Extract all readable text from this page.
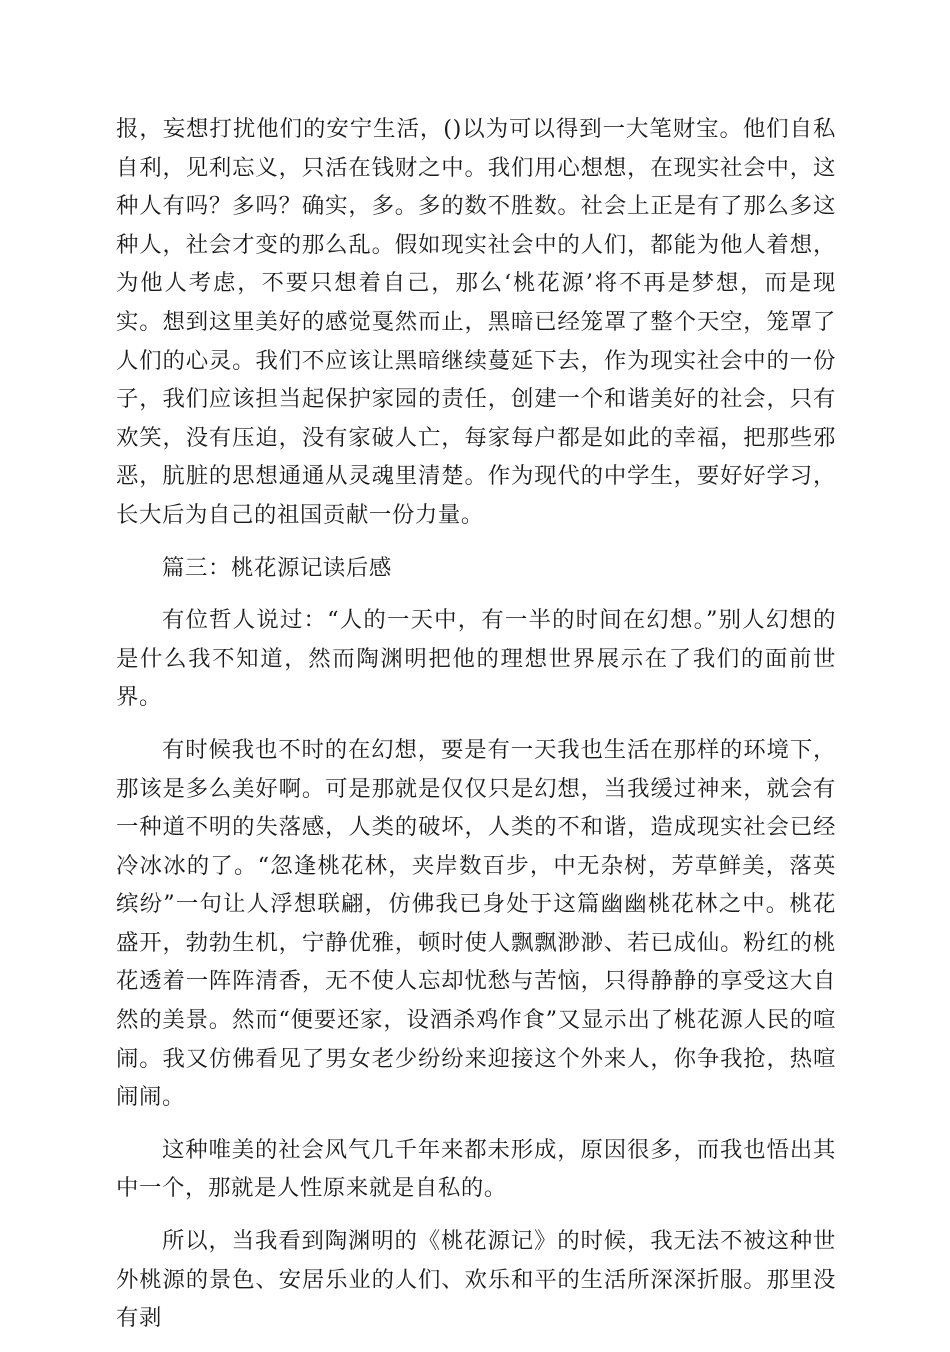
报，妄想打扰他们的安宁生活，()以为可以得到一大笔财宝。他们自私自利，见利忘义，只活在钱财之中。我们用心想想，在现实社会中，这种人有吗？多吗？确实，多。多的数不胜数。社会上正是有了那么多这种人，社会才变的那么乱。假如现实社会中的人们，都能为他人着想，为他人考虑，不要只想着自己，那么‘桃花源’将不再是梦想，而是现实。想到这里美好的感觉戛然而止，黑暗已经笼罩了整个天空，笼罩了人们的心灵。我们不应该让黑暗继续蔓延下去，作为现实社会中的一份子，我们应该担当起保护家园的责任，创建一个和谐美好的社会，只有欢笑，没有压迫，没有家破人亡，每家每户都是如此的幸福，把那些邪恶，肮脏的思想通通从灵魂里清楚。作为现代的中学生，要好好学习，长大后为自己的祖国贡献一份力量。

篇三：桃花源记读后感

有位哲人说过：“人的一天中，有一半的时间在幻想。”别人幻想的是什么我不知道，然而陶渊明把他的理想世界展示在了我们的面前世界。

有时候我也不时的在幻想，要是有一天我也生活在那样的环境下，那该是多么美好啊。可是那就是仅仅只是幻想，当我缓过神来，就会有一种道不明的失落感，人类的破坏，人类的不和谐，造成现实社会已经冷冰冰的了。“忽逢桃花林，夹岸数百步，中无杂树，芳草鲜美，落英缤纷”一句让人浮想联翩，仿佛我已身处于这篇幽幽桃花林之中。桃花盛开，勃勃生机，宁静优雅，顿时使人飘飘渺渺、若已成仙。粉红的桃花透着一阵阵清香，无不使人忘却忧愁与苦恼，只得静静的享受这大自然的美景。然而“便要还家，设酒杀鸡作食”又显示出了桃花源人民的喧闹。我又仿佛看见了男女老少纷纷来迎接这个外来人，你争我抢，热喧闹闹。

这种唯美的社会风气几千年来都未形成，原因很多，而我也悟出其中一个，那就是人性原来就是自私的。

所以，当我看到陶渊明的《桃花源记》的时候，我无法不被这种世外桃源的景色、安居乐业的人们、欢乐和平的生活所深深折服。那里没有剥
